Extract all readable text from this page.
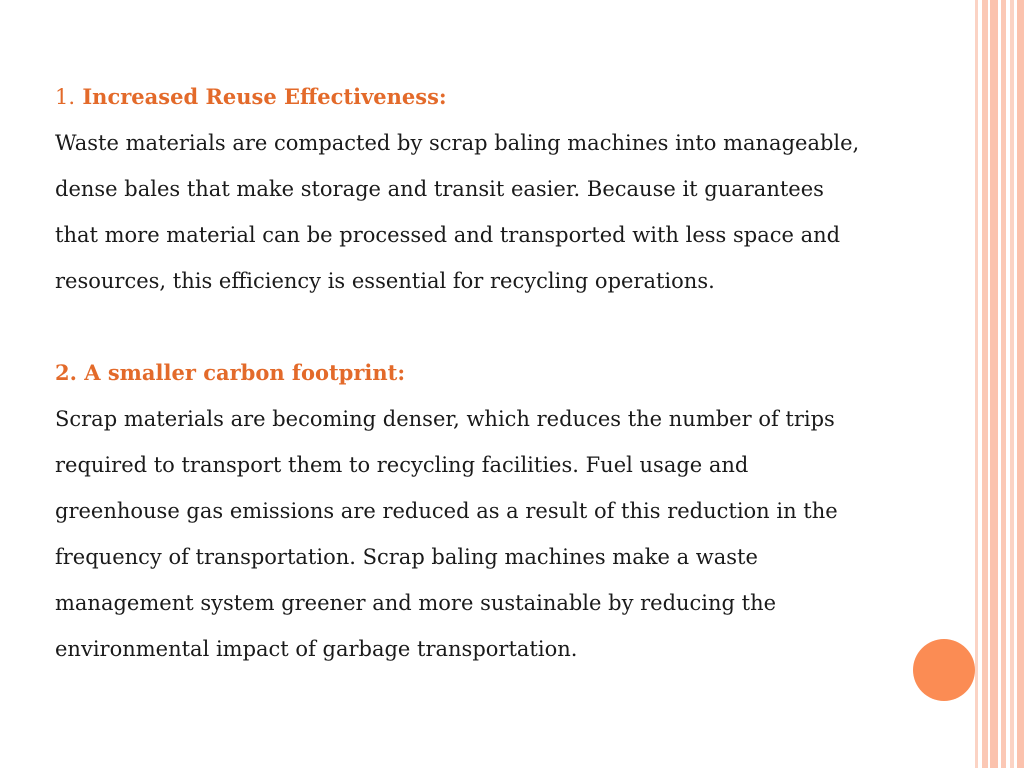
1. Increased Reuse Effectiveness:
Waste materials are compacted by scrap baling machines into manageable,
dense bales that make storage and transit easier. Because it guarantees
that more material can be processed and transported with less space and
resources, this efficiency is essential for recycling operations.
2. A smaller carbon footprint:
Scrap materials are becoming denser, which reduces the number of trips
required to transport them to recycling facilities. Fuel usage and
greenhouse gas emissions are reduced as a result of this reduction in the
frequency of transportation. Scrap baling machines make a waste
management system greener and more sustainable by reducing the
environmental impact of garbage transportation.
